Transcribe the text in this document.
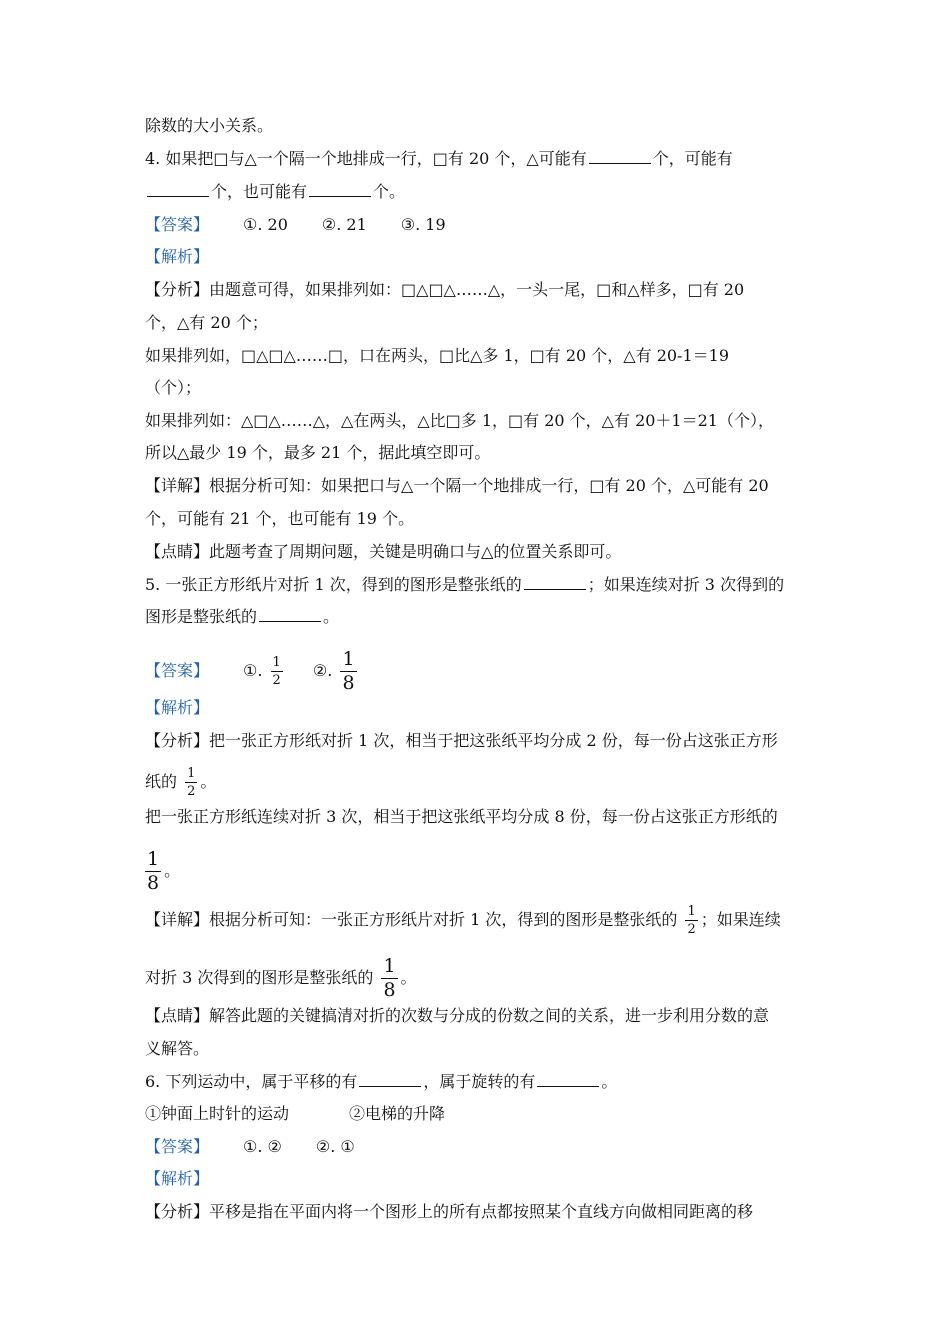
除数的大小关系。
4. 如果把□与△一个隔一个地排成一行，□有 20 个，△可能有	个，可能有
个，也可能有	个。
【答案】 ①. 20 ②. 21 ③. 19
【解析】
【分析】由题意可得，如果排列如：□△□△……△，一头一尾，□和△样多，□有 20
个，△有 20 个；
如果排列如，□△□△……□，口在两头，□比△多 1，□有 20 个，△有 20-1＝19
（个）；
如果排列如：△□△……△，△在两头，△比□多 1，□有 20 个，△有 20＋1＝21（个），
所以△最少 19 个，最多 21 个，据此填空即可。
【详解】根据分析可知：如果把口与△一个隔一个地排成一行，□有 20 个，△可能有 20
个，可能有 21 个，也可能有 19 个。
【点睛】此题考查了周期问题，关键是明确口与△的位置关系即可。
5. 一张正方形纸片对折 1 次，得到的图形是整张纸的	；如果连续对折 3 次得到的
图形是整张纸的	。
【答案】 ①. $\frac{1}{2}$ ②. $\frac{1}{8}$
【解析】
【分析】把一张正方形纸对折 1 次，相当于把这张纸平均分成 2 份，每一份占这张正方形
纸的 $\frac{1}{2}$ 。
把一张正方形纸连续对折 3 次，相当于把这张纸平均分成 8 份，每一份占这张正方形纸的
$\frac{1}{8}$ 。
【详解】根据分析可知：一张正方形纸片对折 1 次，得到的图形是整张纸的 $\frac{1}{2}$ ；如果连续
对折 3 次得到的图形是整张纸的 $\frac{1}{8}$ 。
【点睛】解答此题的关键搞清对折的次数与分成的份数之间的关系，进一步利用分数的意
义解答。
6. 下列运动中，属于平移的有	，属于旋转的有	。
①钟面上时针的运动	②电梯的升降
【答案】 ①. ② ②. ①
【解析】
【分析】平移是指在平面内将一个图形上的所有点都按照某个直线方向做相同距离的移
